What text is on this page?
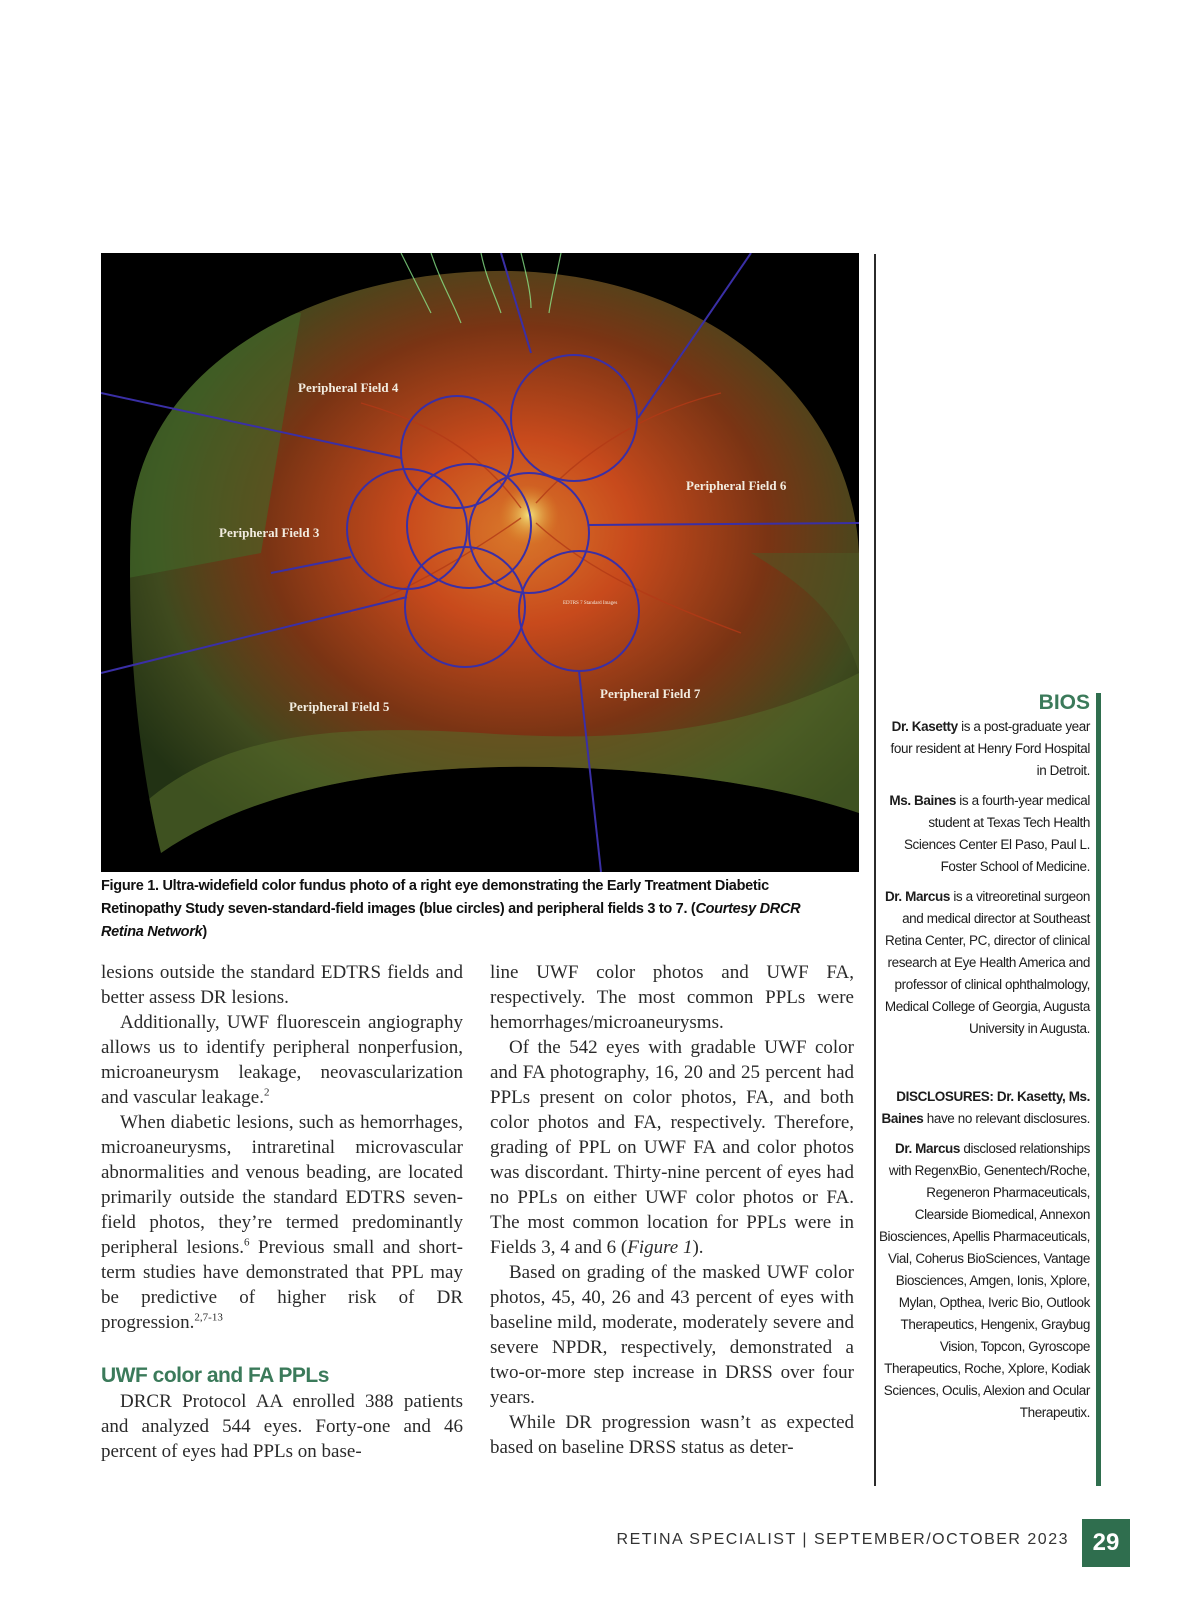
Peripheral Field 4
Peripheral Field 6
Peripheral Field 3
Peripheral Field 5
Peripheral Field 7
EDTRS 7 Standard Images
Figure 1. Ultra-widefield color fundus photo of a right eye demonstrating the Early Treatment Diabetic Retinopathy Study seven-standard-field images (blue circles) and peripheral fields 3 to 7. (Courtesy DRCR Retina Network)

lesions outside the standard EDTRS fields and better assess DR lesions.

Additionally, UWF fluorescein angiography allows us to identify peripheral nonperfusion, microaneurysm leakage, neovascularization and vascular leakage.$^2$

When diabetic lesions, such as hemorrhages, microaneurysms, intraretinal microvascular abnormalities and venous beading, are located primarily outside the standard EDTRS seven-field photos, they’re termed predominantly peripheral lesions.$^6$ Previous small and short-term studies have demonstrated that PPL may be predictive of higher risk of DR progression.$^{2,7-13}$

UWF color and FA PPLs

DRCR Protocol AA enrolled 388 patients and analyzed 544 eyes. Forty-one and 46 percent of eyes had PPLs on base-

line UWF color photos and UWF FA, respectively. The most common PPLs were hemorrhages/microaneurysms.

Of the 542 eyes with gradable UWF color and FA photography, 16, 20 and 25 percent had PPLs present on color photos, FA, and both color photos and FA, respectively. Therefore, grading of PPL on UWF FA and color photos was discordant. Thirty-nine percent of eyes had no PPLs on either UWF color photos or FA. The most common location for PPLs were in Fields 3, 4 and 6 (Figure 1).

Based on grading of the masked UWF color photos, 45, 40, 26 and 43 percent of eyes with baseline mild, moderate, moderately severe and severe NPDR, respectively, demonstrated a two-or-more step increase in DRSS over four years.

While DR progression wasn’t as expected based on baseline DRSS status as deter-

BIOS

Dr. Kasetty is a post-graduate year four resident at Henry Ford Hospital in Detroit.

Ms. Baines is a fourth-year medical student at Texas Tech Health Sciences Center El Paso, Paul L. Foster School of Medicine.

Dr. Marcus is a vitreoretinal surgeon and medical director at Southeast Retina Center, PC, director of clinical research at Eye Health America and professor of clinical ophthalmology, Medical College of Georgia, Augusta University in Augusta.

DISCLOSURES: Dr. Kasetty, Ms. Baines have no relevant disclosures.

Dr. Marcus disclosed relationships with RegenxBio, Genentech/Roche, Regeneron Pharmaceuticals, Clearside Biomedical, Annexon Biosciences, Apellis Pharmaceuticals, Vial, Coherus BioSciences, Vantage Biosciences, Amgen, Ionis, Xplore, Mylan, Opthea, Iveric Bio, Outlook Therapeutics, Hengenix, Graybug Vision, Topcon, Gyroscope Therapeutics, Roche, Xplore, Kodiak Sciences, Oculis, Alexion and Ocular Therapeutix.

RETINA SPECIALIST | SEPTEMBER/OCTOBER 2023 29
